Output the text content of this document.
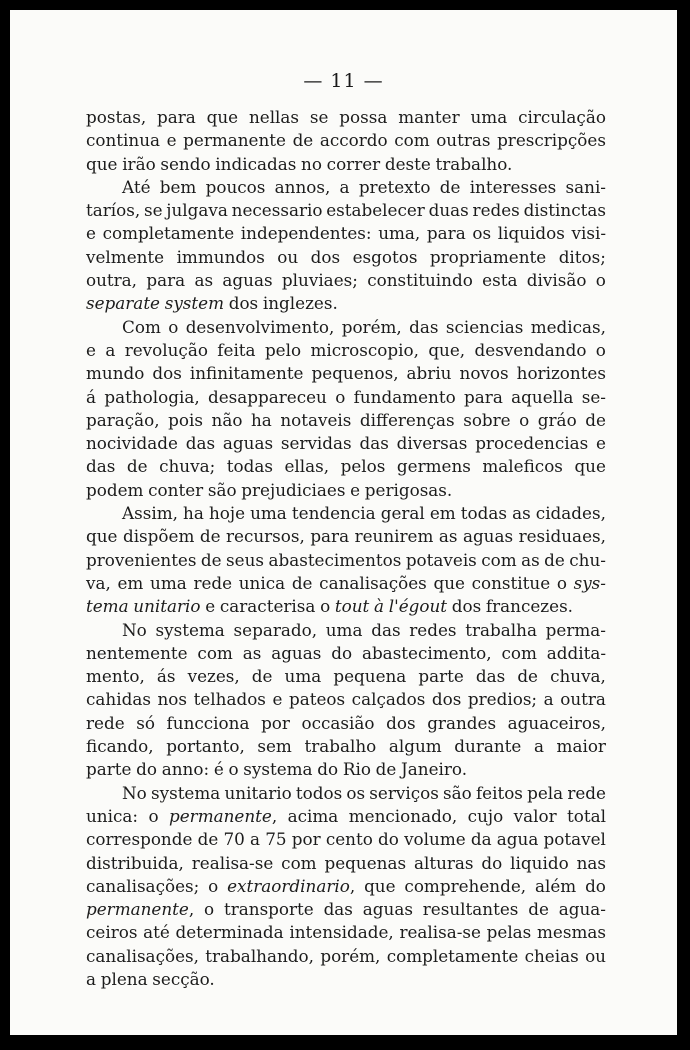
— 11 —
postas, para que nellas se possa manter uma circulação
continua e permanente de accordo com outras prescripções
que irão sendo indicadas no correr deste trabalho.
Até bem poucos annos, a pretexto de interesses sani-
taríos, se julgava necessario estabelecer duas redes distinctas
e completamente independentes: uma, para os liquidos visi-
velmente immundos ou dos esgotos propriamente ditos;
outra, para as aguas pluviaes; constituindo esta divisão o
separate system dos inglezes.
Com o desenvolvimento, porém, das sciencias medicas,
e a revolução feita pelo microscopio, que, desvendando o
mundo dos infinitamente pequenos, abriu novos horizontes
á pathologia, desappareceu o fundamento para aquella se-
paração, pois não ha notaveis differenças sobre o gráo de
nocividade das aguas servidas das diversas procedencias e
das de chuva; todas ellas, pelos germens maleficos que
podem conter são prejudiciaes e perigosas.
Assim, ha hoje uma tendencia geral em todas as cidades,
que dispõem de recursos, para reunirem as aguas residuaes,
provenientes de seus abastecimentos potaveis com as de chu-
va, em uma rede unica de canalisações que constitue o sys-
tema unitario e caracterisa o tout à l'égout dos francezes.
No systema separado, uma das redes trabalha perma-
nentemente com as aguas do abastecimento, com addita-
mento, ás vezes, de uma pequena parte das de chuva,
cahidas nos telhados e pateos calçados dos predios; a outra
rede só funcciona por occasião dos grandes aguaceiros,
ficando, portanto, sem trabalho algum durante a maior
parte do anno: é o systema do Rio de Janeiro.
No systema unitario todos os serviços são feitos pela rede
unica: o permanente, acima mencionado, cujo valor total
corresponde de 70 a 75 por cento do volume da agua potavel
distribuida, realisa-se com pequenas alturas do liquido nas
canalisações; o extraordinario, que comprehende, além do
permanente, o transporte das aguas resultantes de agua-
ceiros até determinada intensidade, realisa-se pelas mesmas
canalisações, trabalhando, porém, completamente cheias ou
a plena secção.
